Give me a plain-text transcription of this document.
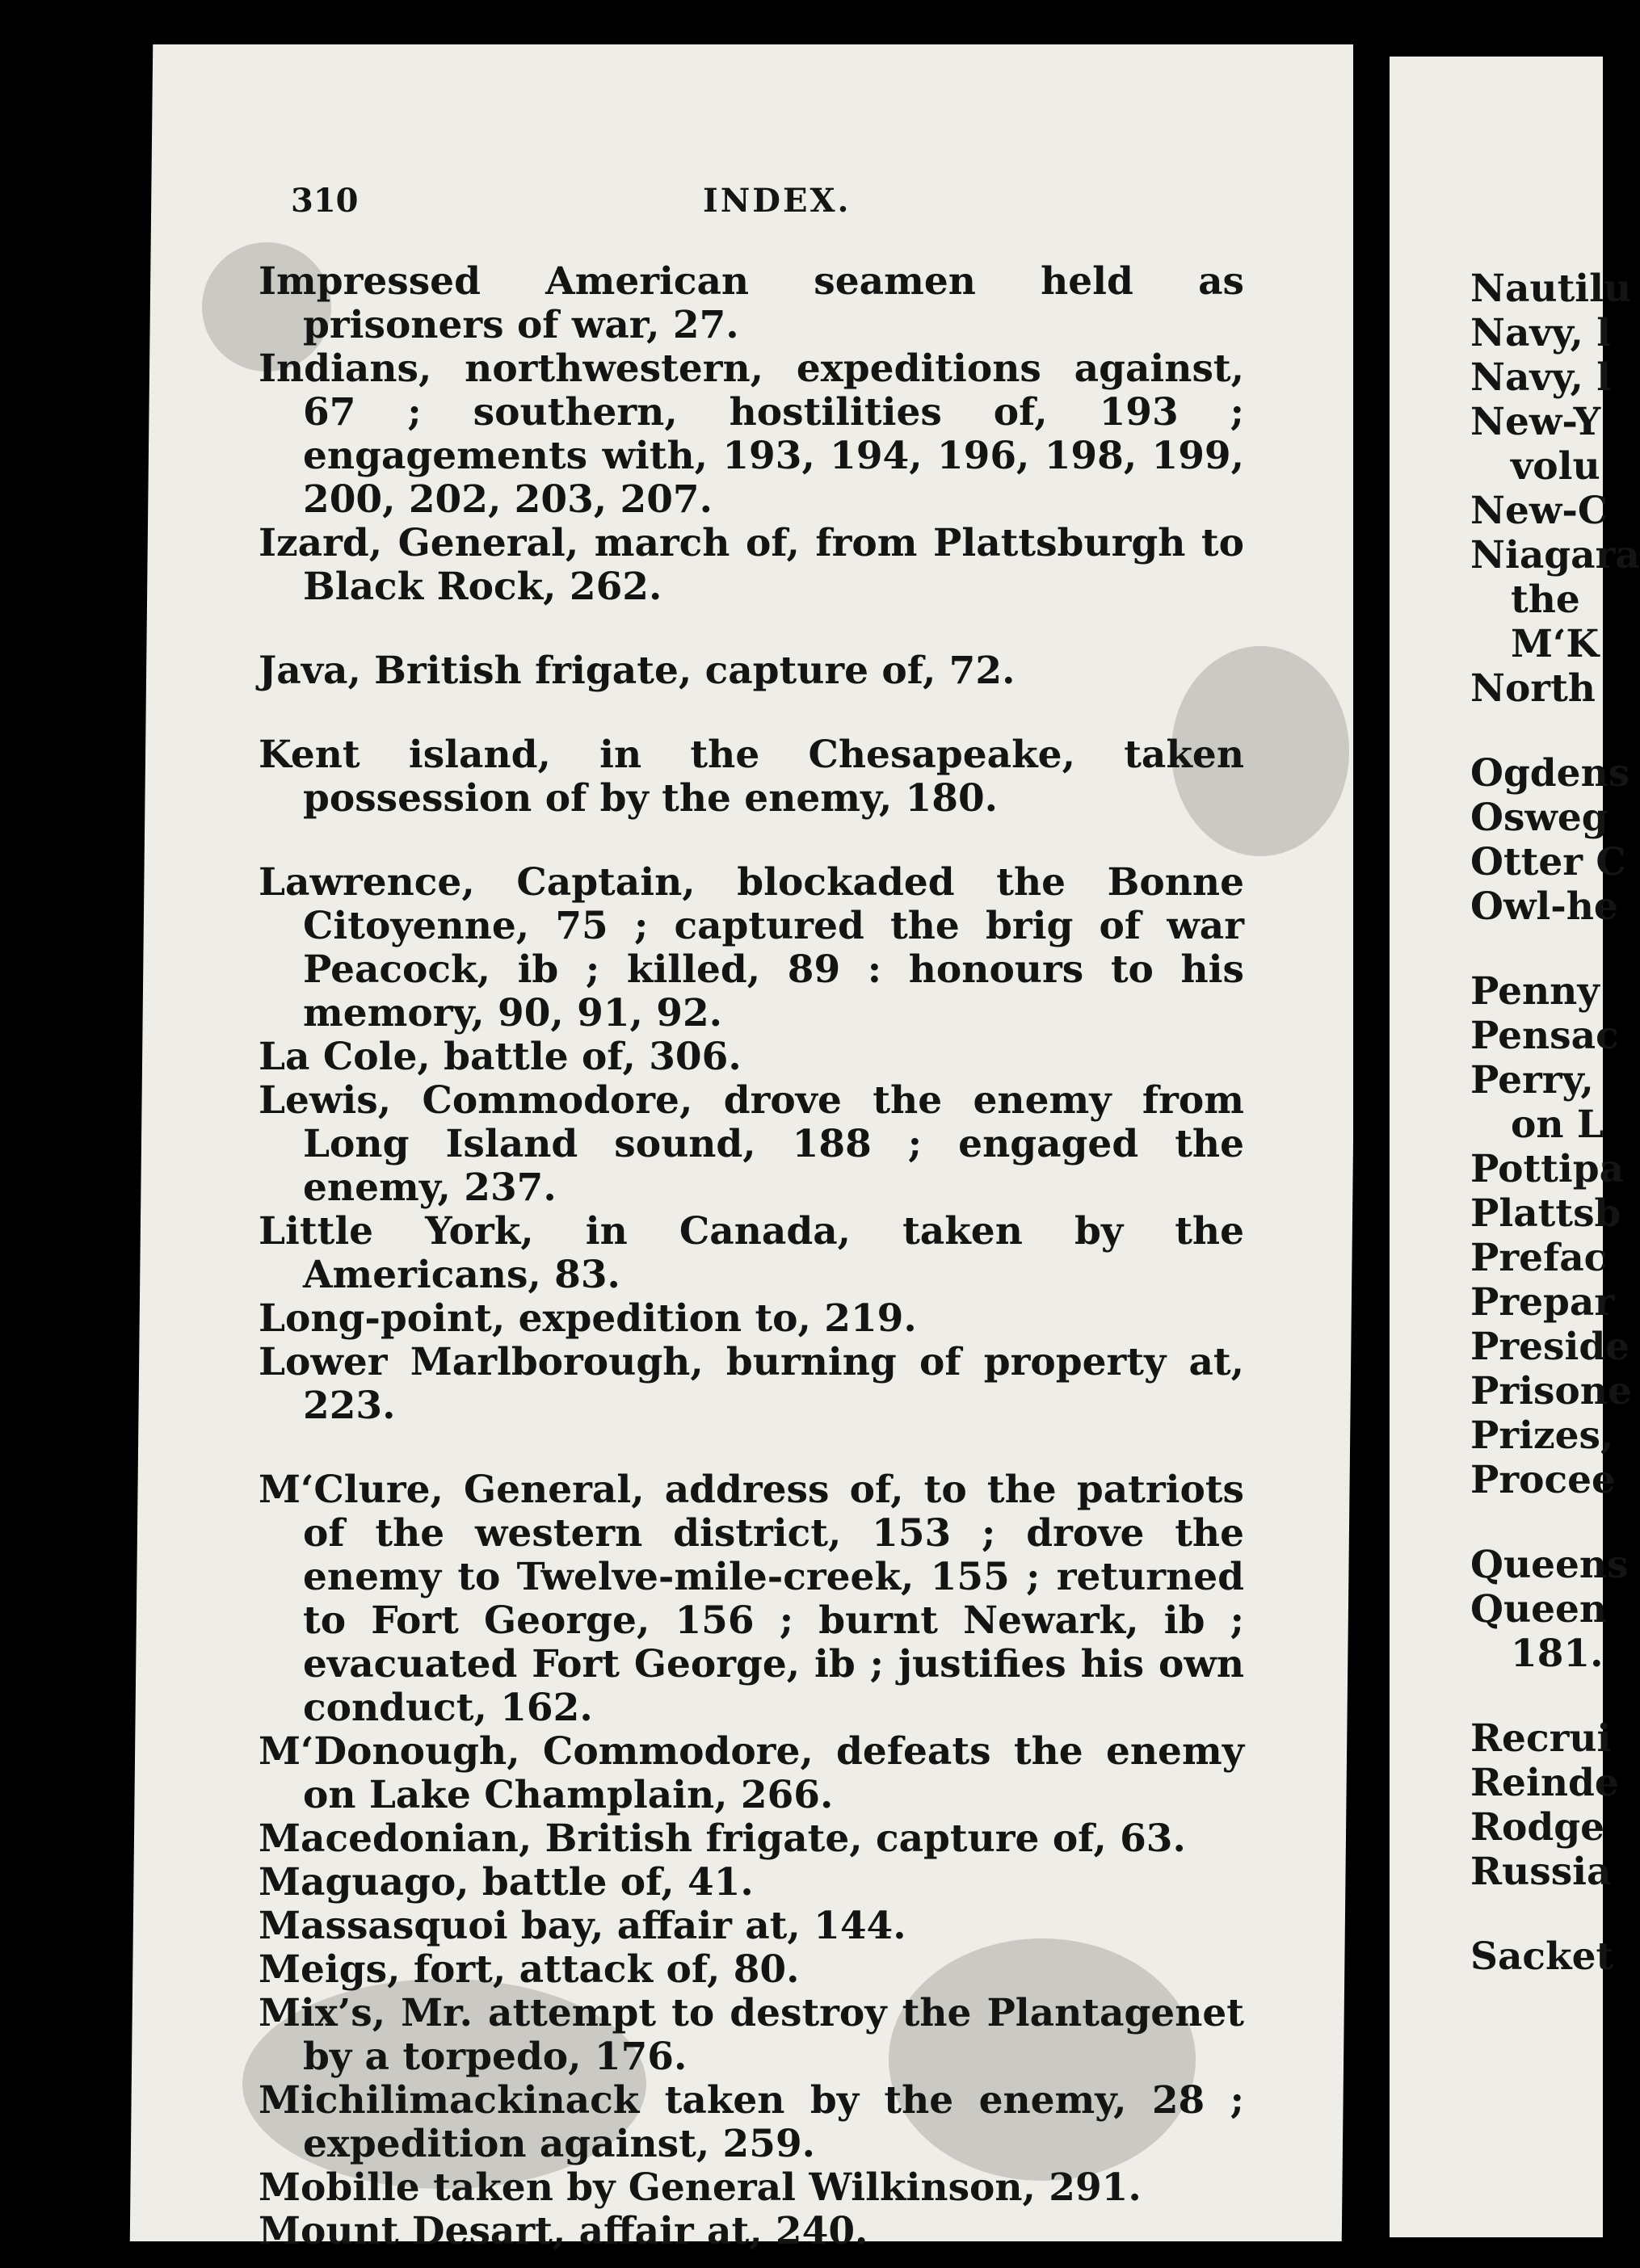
310	INDEX.
Impressed American seamen held as prisoners of war, 27.
Indians, northwestern, expeditions against, 67 ; southern, hostilities of, 193 ; engagements with, 193, 194, 196, 198, 199, 200, 202, 203, 207.
Izard, General, march of, from Plattsburgh to Black Rock, 262.
Java, British frigate, capture of, 72.
Kent island, in the Chesapeake, taken possession of by the enemy, 180.
Lawrence, Captain, blockaded the Bonne Citoyenne, 75 ; captured the brig of war Peacock, ib ; killed, 89 : honours to his memory, 90, 91, 92.
La Cole, battle of, 306.
Lewis, Commodore, drove the enemy from Long Island sound, 188 ; engaged the enemy, 237.
Little York, in Canada, taken by the Americans, 83.
Long-point, expedition to, 219.
Lower Marlborough, burning of property at, 223.
M‘Clure, General, address of, to the patriots of the western district, 153 ; drove the enemy to Twelve-mile-creek, 155 ; returned to Fort George, 156 ; burnt Newark, ib ; evacuated Fort George, ib ; justifies his own conduct, 162.
M‘Donough, Commodore, defeats the enemy on Lake Champlain, 266.
Macedonian, British frigate, capture of, 63.
Maguago, battle of, 41.
Massasquoi bay, affair at, 144.
Meigs, fort, attack of, 80.
Mix’s, Mr. attempt to destroy the Plantagenet by a torpedo, 176.
Michilimackinack taken by the enemy, 28 ; expedition against, 259.
Mobille taken by General Wilkinson, 291.
Mount Desart, affair at, 240.
Nautilu
Navy, l
Navy, l
New-Y
volu
New-C
Niagara
the
M‘K
North
Ogdens
Osweg
Otter C
Owl-he
Penny
Pensac
Perry,
on L
Pottipa
Plattsb
Prefac
Prepar
Preside
Prisone
Prizes,
Procee
Queens
Queen
181.
Recrui
Reinde
Rodge
Russia
Sacket
